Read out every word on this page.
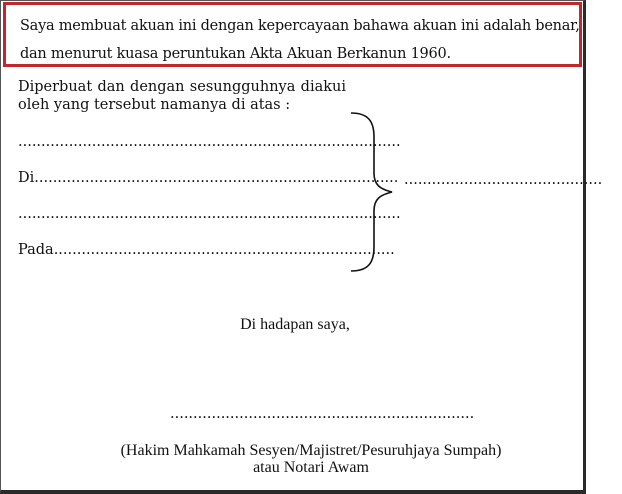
Saya membuat akuan ini dengan kepercayaan bahawa akuan ini adalah benar,
dan menurut kuasa peruntukan Akta Akuan Berkanun 1960.
Diperbuat dan dengan sesungguhnya diakui
oleh yang tersebut namanya di atas :
...................................................................................
Di...............................................................................
...................................................................................
Pada..........................................................................
...........................................
Di hadapan saya,
..................................................................
(Hakim Mahkamah Sesyen/Majistret/Pesuruhjaya Sumpah)
atau Notari Awam
